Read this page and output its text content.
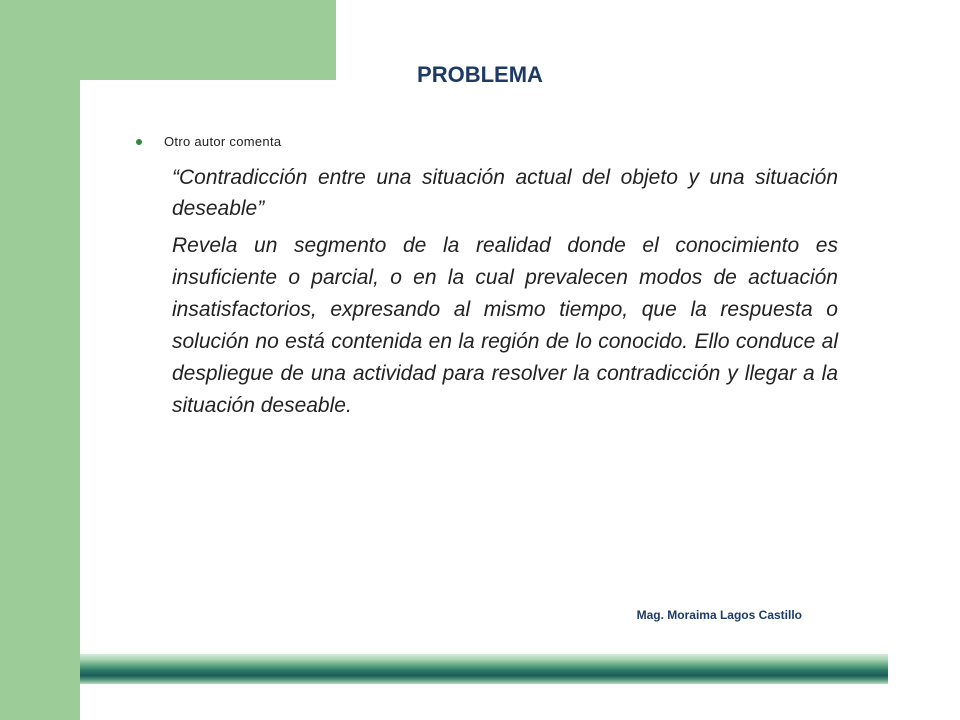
PROBLEMA
Otro autor comenta

“Contradicción entre una situación actual del objeto y una situación deseable”

Revela un segmento de la realidad donde el conocimiento es insuficiente o parcial, o en la cual prevalecen modos de actuación insatisfactorios, expresando al mismo tiempo, que la respuesta o solución no está contenida en la región de lo conocido. Ello conduce al despliegue de una actividad para resolver la contradicción y llegar a la situación deseable.

Mag. Moraima Lagos Castillo
